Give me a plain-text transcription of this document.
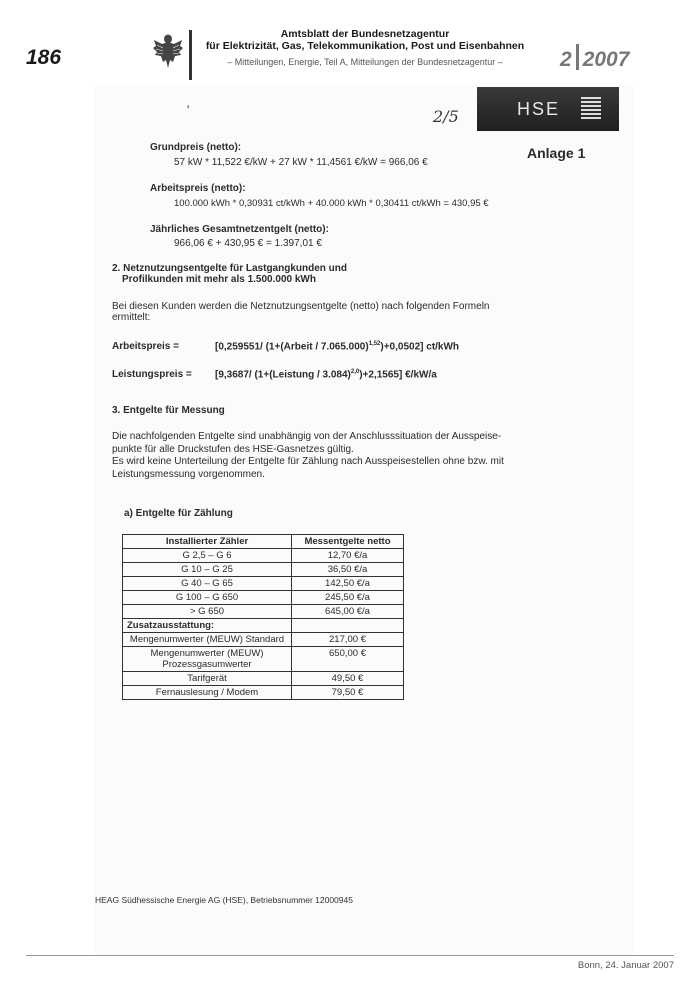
186
Amtsblatt der Bundesnetzagentur
für Elektrizität, Gas, Telekommunikation, Post und Eisenbahnen
– Mitteilungen, Energie, Teil A, Mitteilungen der Bundesnetzagentur –	2 2007
'	2/5	HSE
Anlage 1
Grundpreis (netto):
57 kW * 11,522 €/kW + 27 kW * 11,4561 €/kW = 966,06 €
Arbeitspreis (netto):
100.000 kWh * 0,30931 ct/kWh + 40.000 kWh * 0,30411 ct/kWh = 430,95 €
Jährliches Gesamtnetzentgelt (netto):
966,06 € + 430,95 € = 1.397,01 €
2. Netznutzungsentgelte für Lastgangkunden und
Profilkunden mit mehr als 1.500.000 kWh
Bei diesen Kunden werden die Netznutzungsentgelte (netto) nach folgenden Formeln
ermittelt:
Arbeitspreis =	[0,259551/ (1+(Arbeit / 7.065.000)$^{1,52}$)+0,0502] ct/kWh
Leistungspreis = [9,3687/ (1+(Leistung / 3.084)$^{2,0}$)+2,1565] €/kW/a
3. Entgelte für Messung
Die nachfolgenden Entgelte sind unabhängig von der Anschlusssituation der Ausspeise-
punkte für alle Druckstufen des HSE-Gasnetzes gültig.
Es wird keine Unterteilung der Entgelte für Zählung nach Ausspeisestellen ohne bzw. mit
Leistungsmessung vorgenommen.
a) Entgelte für Zählung
Installierter Zähler	Messentgelte netto
G 2,5 – G 6	12,70 €/a
G 10 – G 25	36,50 €/a
G 40 – G 65	142,50 €/a
G 100 – G 650	245,50 €/a
> G 650	645,00 €/a
Zusatzausstattung:	
Mengenumwerter (MEUW) Standard	217,00 €
Mengenumwerter (MEUW) Prozessgasumwerter	650,00 €
Tarifgerät	49,50 €
Fernauslesung / Modem	79,50 €
HEAG Südhessische Energie AG (HSE), Betriebsnummer 12000945
Bonn, 24. Januar 2007
